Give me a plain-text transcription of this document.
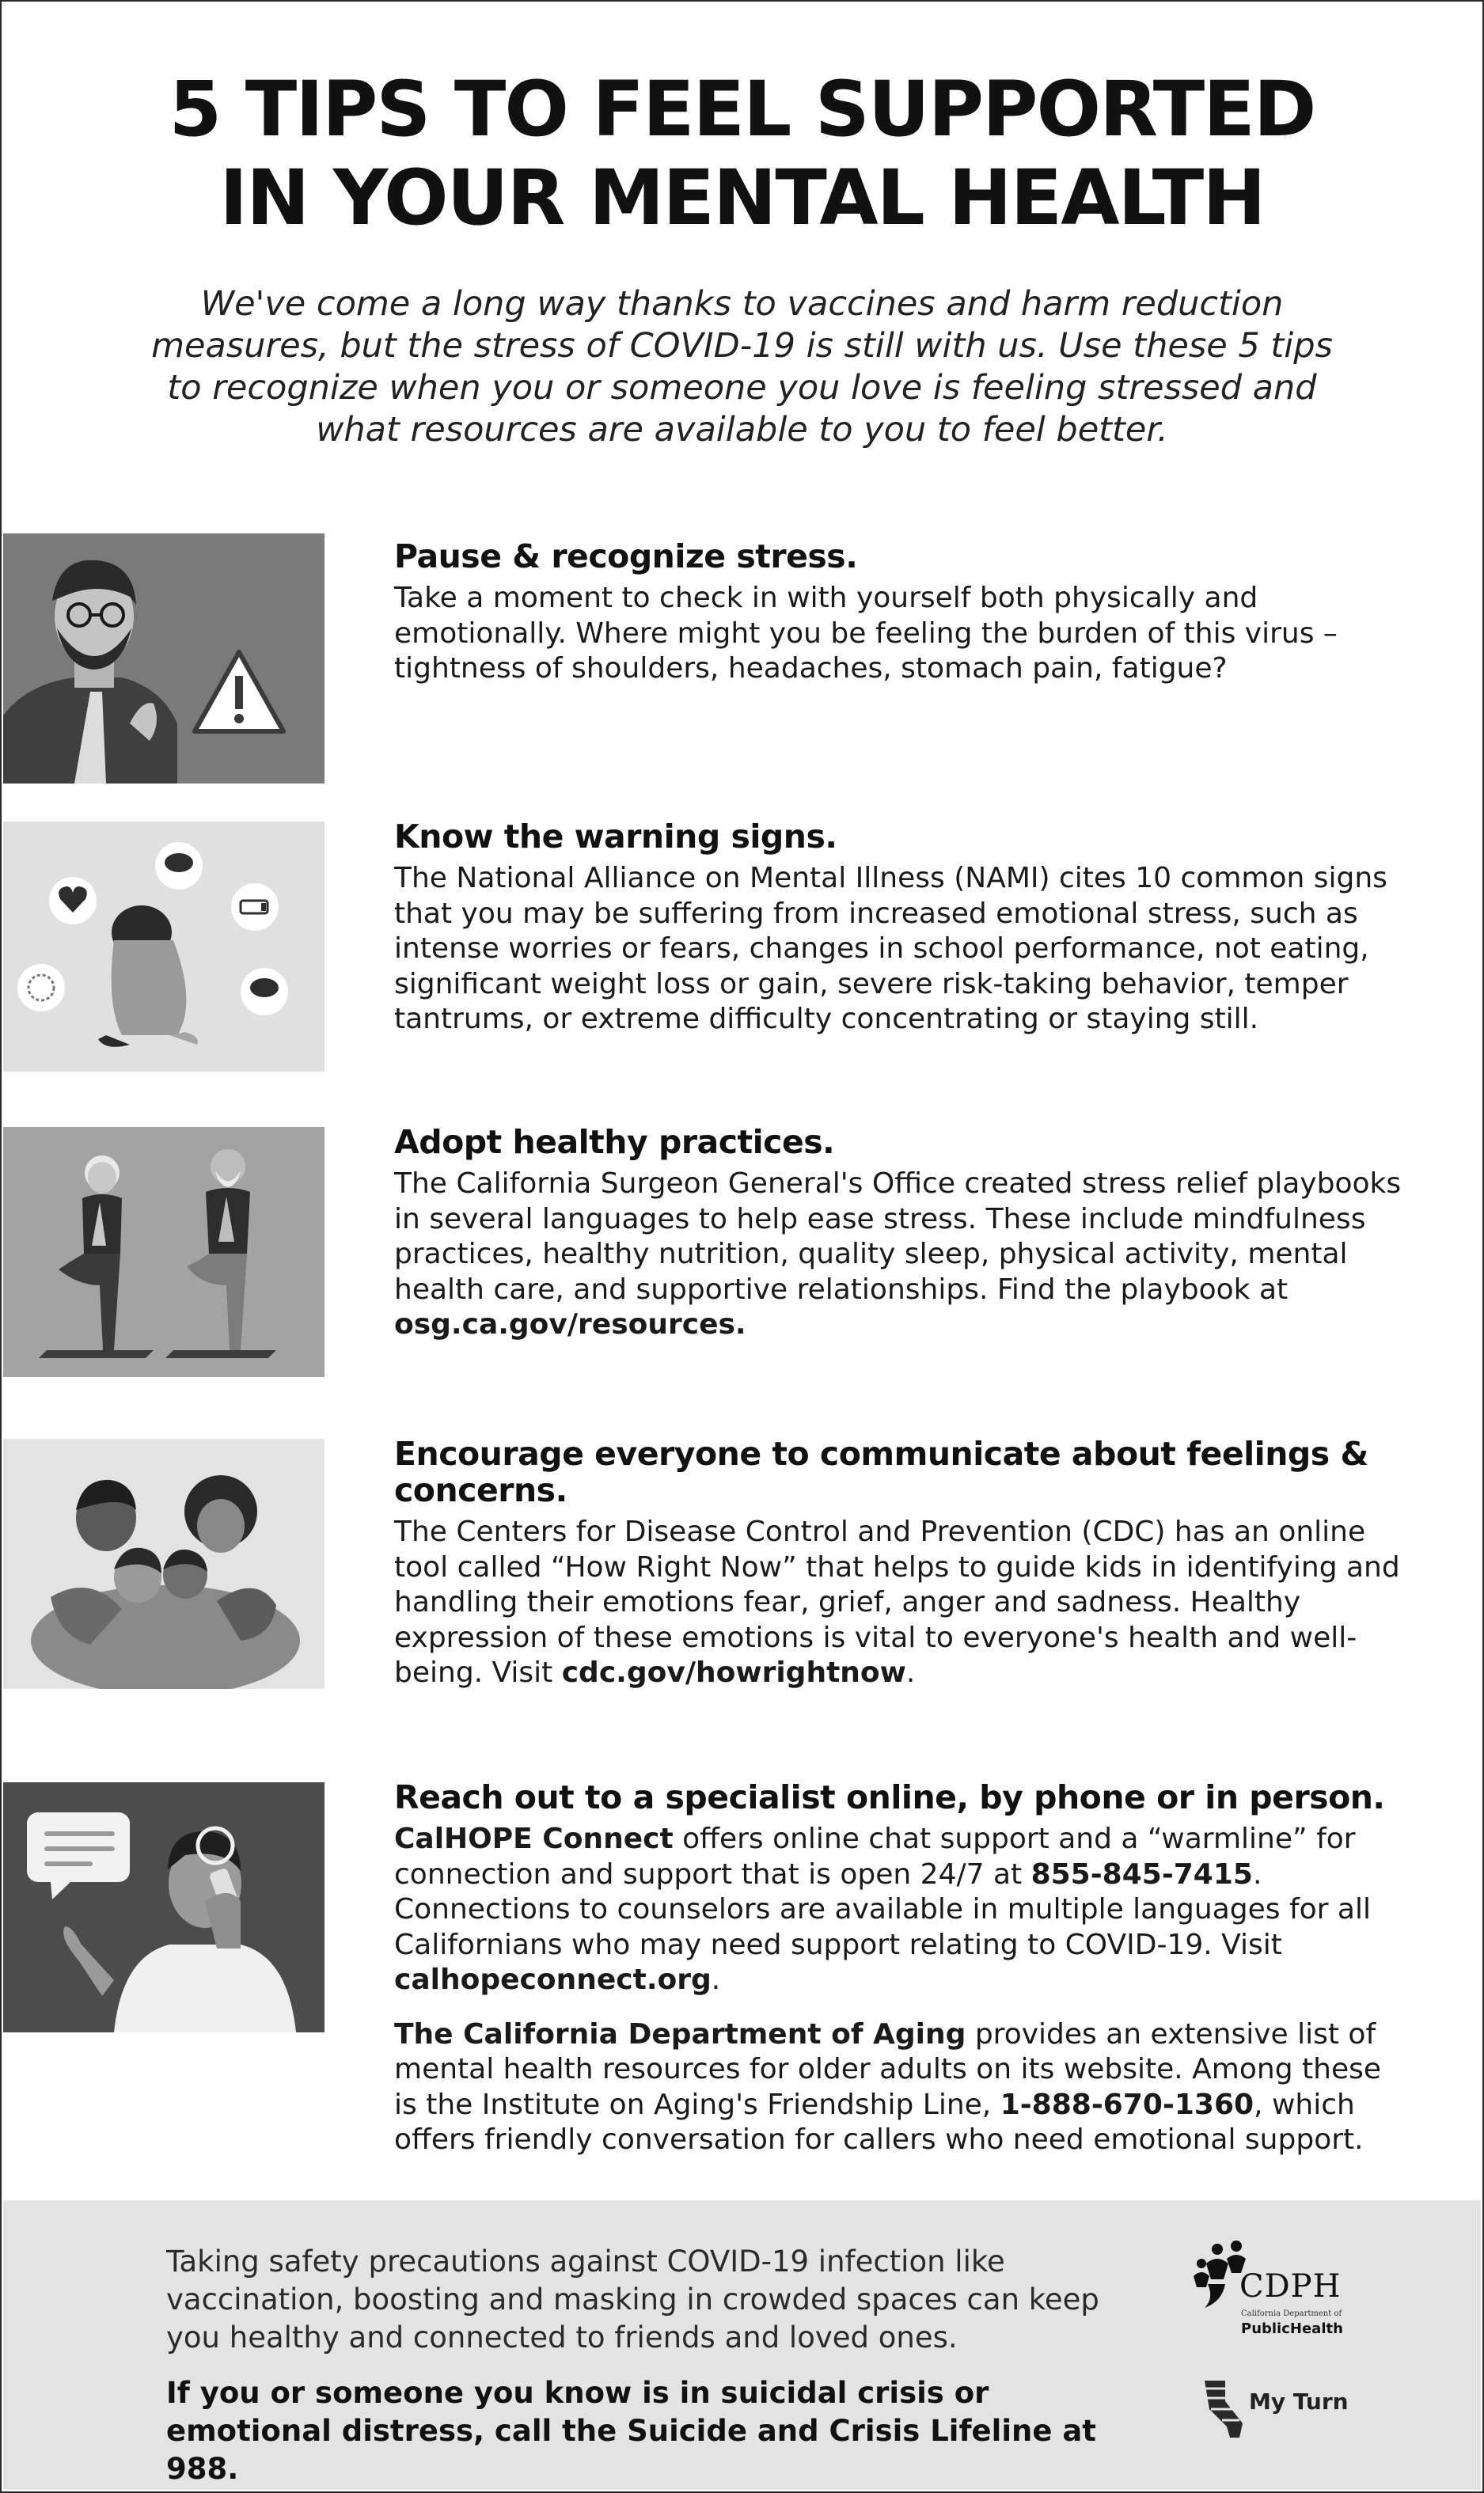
5 TIPS TO FEEL SUPPORTED
IN YOUR MENTAL HEALTH

We've come a long way thanks to vaccines and harm reduction measures, but the stress of COVID-19 is still with us. Use these 5 tips to recognize when you or someone you love is feeling stressed and what resources are available to you to feel better.

Pause & recognize stress.

Take a moment to check in with yourself both physically and emotionally. Where might you be feeling the burden of this virus – tightness of shoulders, headaches, stomach pain, fatigue?

Know the warning signs.

The National Alliance on Mental Illness (NAMI) cites 10 common signs that you may be suffering from increased emotional stress, such as intense worries or fears, changes in school performance, not eating, significant weight loss or gain, severe risk-taking behavior, temper tantrums, or extreme difficulty concentrating or staying still.

Adopt healthy practices.

The California Surgeon General's Office created stress relief playbooks in several languages to help ease stress. These include mindfulness practices, healthy nutrition, quality sleep, physical activity, mental health care, and supportive relationships. Find the playbook at osg.ca.gov/resources.

Encourage everyone to communicate about feelings & concerns.

The Centers for Disease Control and Prevention (CDC) has an online tool called “How Right Now” that helps to guide kids in identifying and handling their emotions fear, grief, anger and sadness. Healthy expression of these emotions is vital to everyone's health and well-being. Visit cdc.gov/howrightnow.

Reach out to a specialist online, by phone or in person.

CalHOPE Connect offers online chat support and a “warmline” for connection and support that is open 24/7 at 855-845-7415. Connections to counselors are available in multiple languages for all Californians who may need support relating to COVID-19. Visit calhopeconnect.org.

The California Department of Aging provides an extensive list of mental health resources for older adults on its website. Among these is the Institute on Aging's Friendship Line, 1-888-670-1360, which offers friendly conversation for callers who need emotional support.

Taking safety precautions against COVID-19 infection like vaccination, boosting and masking in crowded spaces can keep you healthy and connected to friends and loved ones.

If you or someone you know is in suicidal crisis or emotional distress, call the Suicide and Crisis Lifeline at 988.

CDPH
California Department of
PublicHealth
My Turn
